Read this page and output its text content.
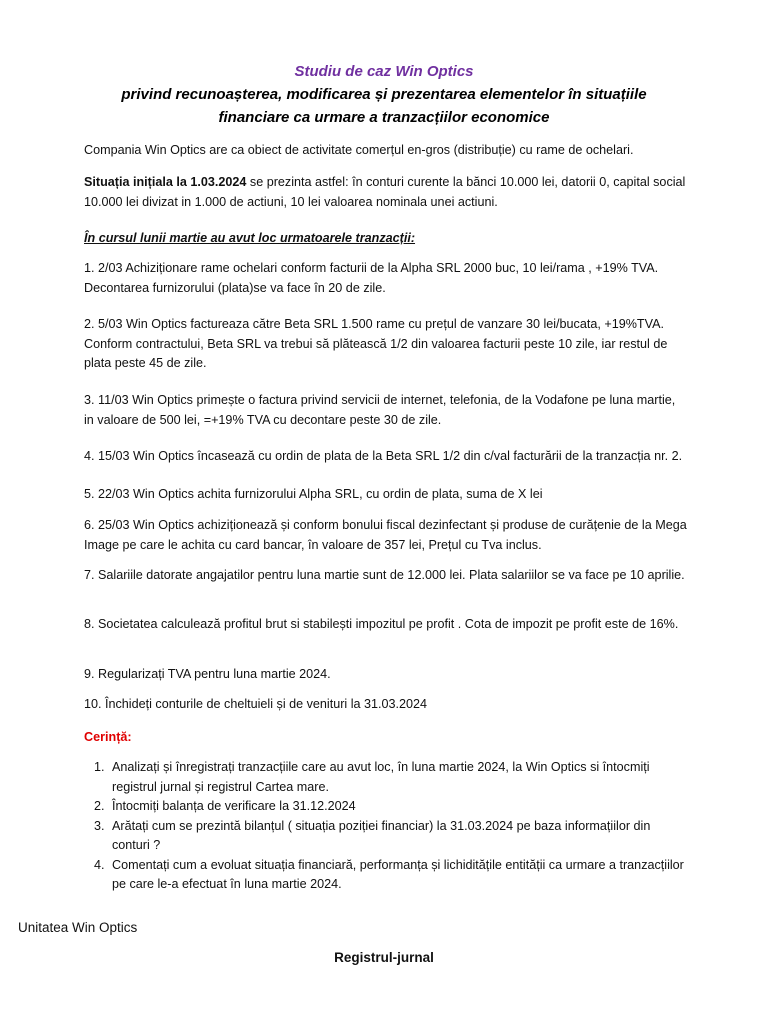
Studiu de caz Win Optics
privind recunoașterea, modificarea și prezentarea elementelor în situațiile
financiare ca urmare a tranzacțiilor economice

Compania Win Optics are ca obiect de activitate comerțul en-gros (distribuție) cu rame de ochelari.

Situația inițiala la 1.03.2024 se prezinta astfel: în conturi curente la bănci 10.000 lei, datorii 0, capital social 10.000 lei divizat in 1.000 de actiuni, 10 lei valoarea nominala unei actiuni.

În cursul lunii martie au avut loc urmatoarele tranzacții:

1. 2/03 Achiziționare rame ochelari conform facturii de la Alpha SRL 2000 buc, 10 lei/rama , +19% TVA. Decontarea furnizorului (plata)se va face în 20 de zile.

2. 5/03 Win Optics factureaza către Beta SRL 1.500 rame cu prețul de vanzare 30 lei/bucata, +19%TVA. Conform contractului, Beta SRL va trebui să plătească 1/2 din valoarea facturii peste 10 zile, iar restul de plata peste 45 de zile.

3. 11/03 Win Optics primește o factura privind servicii de internet, telefonia, de la Vodafone pe luna martie, in valoare de 500 lei, =+19% TVA cu decontare peste 30 de zile.

4. 15/03 Win Optics încasează cu ordin de plata de la Beta SRL 1/2 din c/val facturării de la tranzacția nr. 2.

5. 22/03 Win Optics achita furnizorului Alpha SRL, cu ordin de plata, suma de X lei

6. 25/03 Win Optics achiziționează și conform bonului fiscal dezinfectant și produse de curățenie de la Mega Image pe care le achita cu card bancar, în valoare de 357 lei, Prețul cu Tva inclus.

7. Salariile datorate angajatilor pentru luna martie sunt de 12.000 lei. Plata salariilor se va face pe 10 aprilie.

8. Societatea calculează profitul brut si stabilești impozitul pe profit . Cota de impozit pe profit este de 16%.

9. Regularizați TVA pentru luna martie 2024.

10. Închideți conturile de cheltuieli și de venituri la 31.03.2024

Cerință:

1. Analizați și înregistrați tranzacțiile care au avut loc, în luna martie 2024, la Win Optics si întocmiți registrul jurnal și registrul Cartea mare.
2. Întocmiți balanța de verificare la 31.12.2024
3. Arătați cum se prezintă bilanțul ( situația poziției financiar) la 31.03.2024 pe baza informațiilor din conturi ?
4. Comentați cum a evoluat situația financiară, performanța și lichiditățile entității ca urmare a tranzacțiilor pe care le-a efectuat în luna martie 2024.
Unitatea Win Optics
Registrul-jurnal
